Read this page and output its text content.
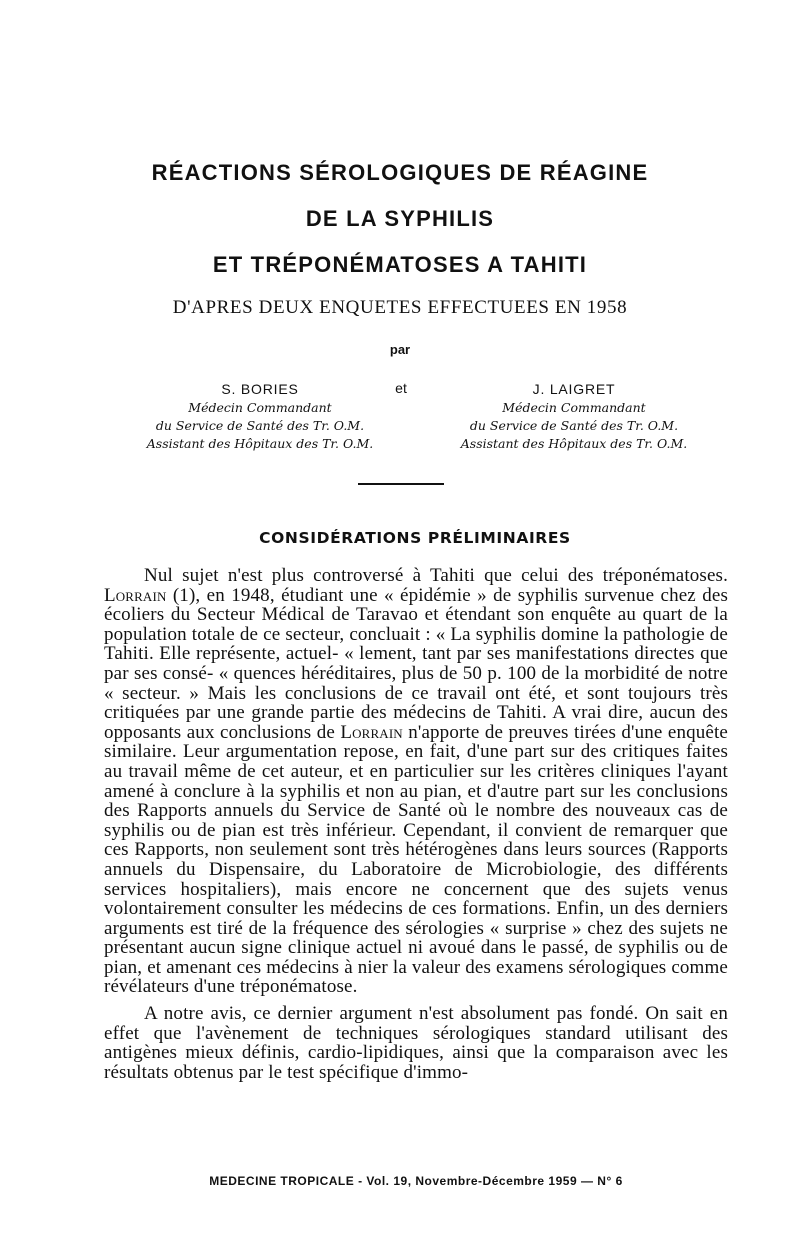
RÉACTIONS SÉROLOGIQUES DE RÉAGINE
DE LA SYPHILIS
ET TRÉPONÉMATOSES A TAHITI
D'APRES DEUX ENQUETES EFFECTUEES EN 1958
par
S. BORIES
Médecin Commandant
du Service de Santé des Tr. O.M.
Assistant des Hôpitaux des Tr. O.M.
et	J. LAIGRET
Médecin Commandant
du Service de Santé des Tr. O.M.
Assistant des Hôpitaux des Tr. O.M.
CONSIDÉRATIONS PRÉLIMINAIRES

Nul sujet n'est plus controversé à Tahiti que celui des tréponématoses. Lorrain (1), en 1948, étudiant une « épidémie » de syphilis survenue chez des écoliers du Secteur Médical de Taravao et étendant son enquête au quart de la population totale de ce secteur, concluait : « La syphilis domine la pathologie de Tahiti. Elle représente, actuel- « lement, tant par ses manifestations directes que par ses consé- « quences héréditaires, plus de 50 p. 100 de la morbidité de notre « secteur. » Mais les conclusions de ce travail ont été, et sont toujours très critiquées par une grande partie des médecins de Tahiti. A vrai dire, aucun des opposants aux conclusions de Lorrain n'apporte de preuves tirées d'une enquête similaire. Leur argumentation repose, en fait, d'une part sur des critiques faites au travail même de cet auteur, et en particulier sur les critères cliniques l'ayant amené à conclure à la syphilis et non au pian, et d'autre part sur les conclusions des Rapports annuels du Service de Santé où le nombre des nouveaux cas de syphilis ou de pian est très inférieur. Cependant, il convient de remarquer que ces Rapports, non seulement sont très hétérogènes dans leurs sources (Rapports annuels du Dispensaire, du Laboratoire de Microbiologie, des différents services hospitaliers), mais encore ne concernent que des sujets venus volontairement consulter les médecins de ces formations. Enfin, un des derniers arguments est tiré de la fréquence des sérologies « surprise » chez des sujets ne présentant aucun signe clinique actuel ni avoué dans le passé, de syphilis ou de pian, et amenant ces médecins à nier la valeur des examens sérologiques comme révélateurs d'une tréponématose.

A notre avis, ce dernier argument n'est absolument pas fondé. On sait en effet que l'avènement de techniques sérologiques standard utilisant des antigènes mieux définis, cardio-lipidiques, ainsi que la comparaison avec les résultats obtenus par le test spécifique d'immo-

MEDECINE TROPICALE - Vol. 19, Novembre-Décembre 1959 — N° 6
